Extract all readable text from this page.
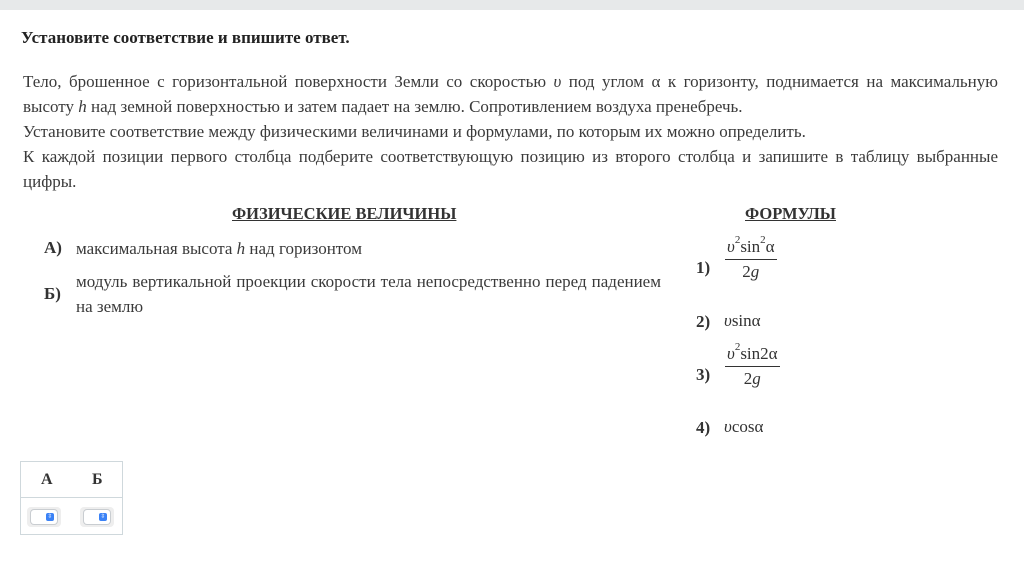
Установите соответствие и впишите ответ.

Тело, брошенное с горизонтальной поверхности Земли со скоростью υ под углом α к горизонту, поднимается на максимальную высоту h над земной поверхностью и затем падает на землю. Сопротивлением воздуха пренебречь.

Установите соответствие между физическими величинами и формулами, по которым их можно определить.

К каждой позиции первого столбца подберите соответствующую позицию из второго столбца и запишите в таблицу выбранные цифры.

ФИЗИЧЕСКИЕ ВЕЛИЧИНЫ	ФОРМУЛЫ
А) максимальная высота h над горизонтом
Б)
модуль вертикальной проекции скорости тела непосредственно перед падением на землю
$1) \frac{\upsilon^2\sin^2\alpha}{2g}$
2) υsinα
$3) \frac{\upsilon^2\sin 2\alpha}{2g}$
4) υcosα
А Б
⇳	⇳
